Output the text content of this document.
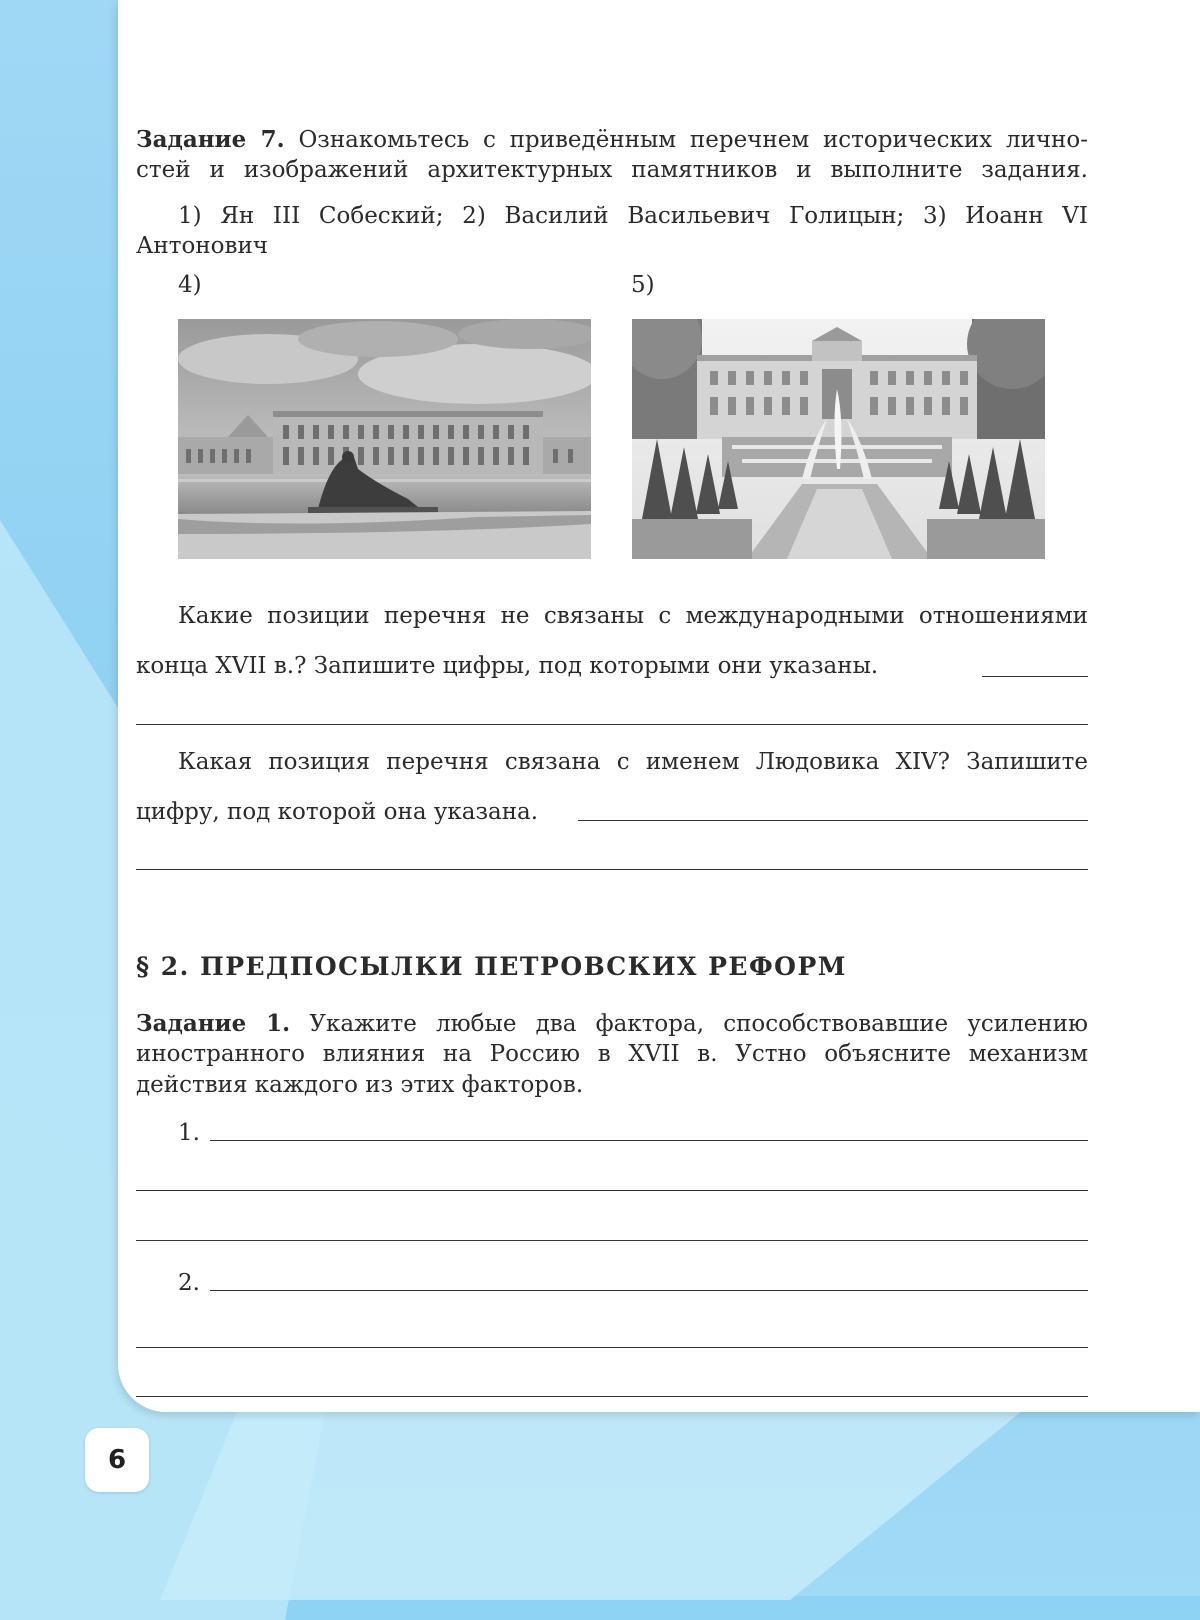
Задание 7. Ознакомьтесь с приведённым перечнем исторических лично-
стей и изображений архитектурных памятников и выполните задания.
1) Ян III Собеский; 2) Василий Васильевич Голицын; 3) Иоанн VI
Антонович
4)	5)
Какие позиции перечня не связаны с международными отношениями
конца XVII в.? Запишите цифры, под которыми они указаны.
Какая позиция перечня связана с именем Людовика XIV? Запишите
цифру, под которой она указана.
§ 2. ПРЕДПОСЫЛКИ ПЕТРОВСКИХ РЕФОРМ
Задание 1. Укажите любые два фактора, способствовавшие усилению
иностранного влияния на Россию в XVII в. Устно объясните механизм
действия каждого из этих факторов.
1.
2.
6
